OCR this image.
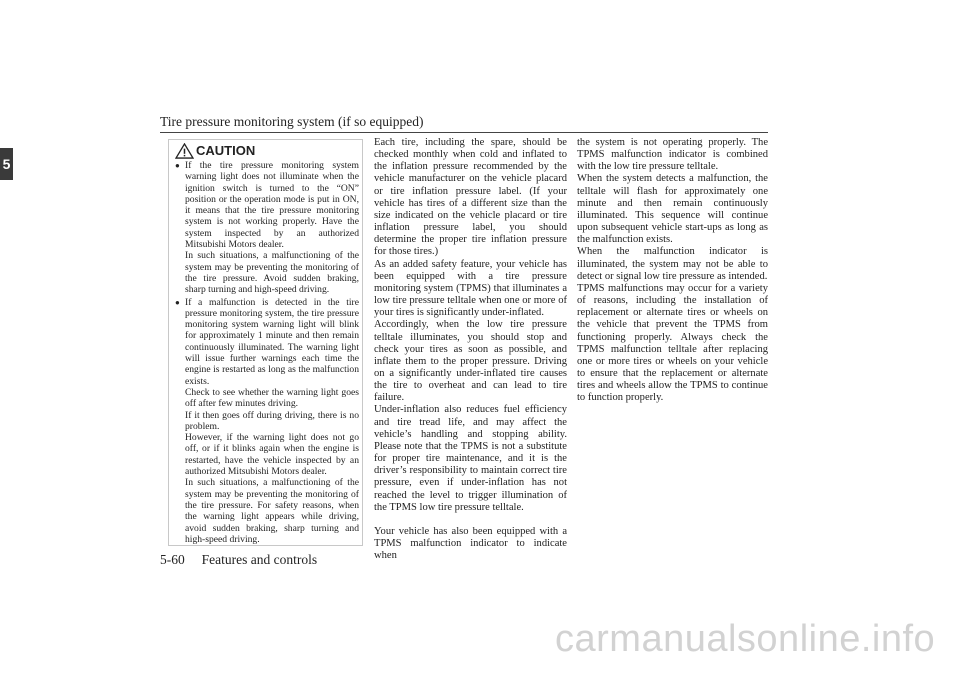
Tire pressure monitoring system (if so equipped)
5
CAUTION
● If the tire pressure monitoring system warning light does not illuminate when the ignition switch is turned to the “ON” position or the operation mode is put in ON, it means that the tire pressure monitoring system is not working properly. Have the system inspected by an authorized Mitsubishi Motors dealer.

In such situations, a malfunctioning of the system may be preventing the monitoring of the tire pressure. Avoid sudden braking, sharp turning and high-speed driving.

● If a malfunction is detected in the tire pressure monitoring system, the tire pressure monitoring system warning light will blink for approximately 1 minute and then remain continuously illuminated. The warning light will issue further warnings each time the engine is restarted as long as the malfunction exists.

Check to see whether the warning light goes off after few minutes driving.

If it then goes off during driving, there is no problem.

However, if the warning light does not go off, or if it blinks again when the engine is restarted, have the vehicle inspected by an authorized Mitsubishi Motors dealer.

In such situations, a malfunctioning of the system may be preventing the monitoring of the tire pressure. For safety reasons, when the warning light appears while driving, avoid sudden braking, sharp turning and high-speed driving.

Each tire, including the spare, should be checked monthly when cold and inflated to the inflation pressure recommended by the vehicle manufacturer on the vehicle placard or tire inflation pressure label. (If your vehicle has tires of a different size than the size indicated on the vehicle placard or tire inflation pressure label, you should determine the proper tire inflation pressure for those tires.)

As an added safety feature, your vehicle has been equipped with a tire pressure monitoring system (TPMS) that illuminates a low tire pressure telltale when one or more of your tires is significantly under-inflated.

Accordingly, when the low tire pressure telltale illuminates, you should stop and check your tires as soon as possible, and inflate them to the proper pressure. Driving on a significantly under-inflated tire causes the tire to overheat and can lead to tire failure.

Under-inflation also reduces fuel efficiency and tire tread life, and may affect the vehicle’s handling and stopping ability. Please note that the TPMS is not a substitute for proper tire maintenance, and it is the driver’s responsibility to maintain correct tire pressure, even if under-inflation has not reached the level to trigger illumination of the TPMS low tire pressure telltale.

Your vehicle has also been equipped with a TPMS malfunction indicator to indicate when

the system is not operating properly. The TPMS malfunction indicator is combined with the low tire pressure telltale.

When the system detects a malfunction, the telltale will flash for approximately one minute and then remain continuously illuminated. This sequence will continue upon subsequent vehicle start-ups as long as the malfunction exists.

When the malfunction indicator is illuminated, the system may not be able to detect or signal low tire pressure as intended.

TPMS malfunctions may occur for a variety of reasons, including the installation of replacement or alternate tires or wheels on the vehicle that prevent the TPMS from functioning properly. Always check the TPMS malfunction telltale after replacing one or more tires or wheels on your vehicle to ensure that the replacement or alternate tires and wheels allow the TPMS to continue to function properly.

5-60     Features and controls
carmanualsonline.info
